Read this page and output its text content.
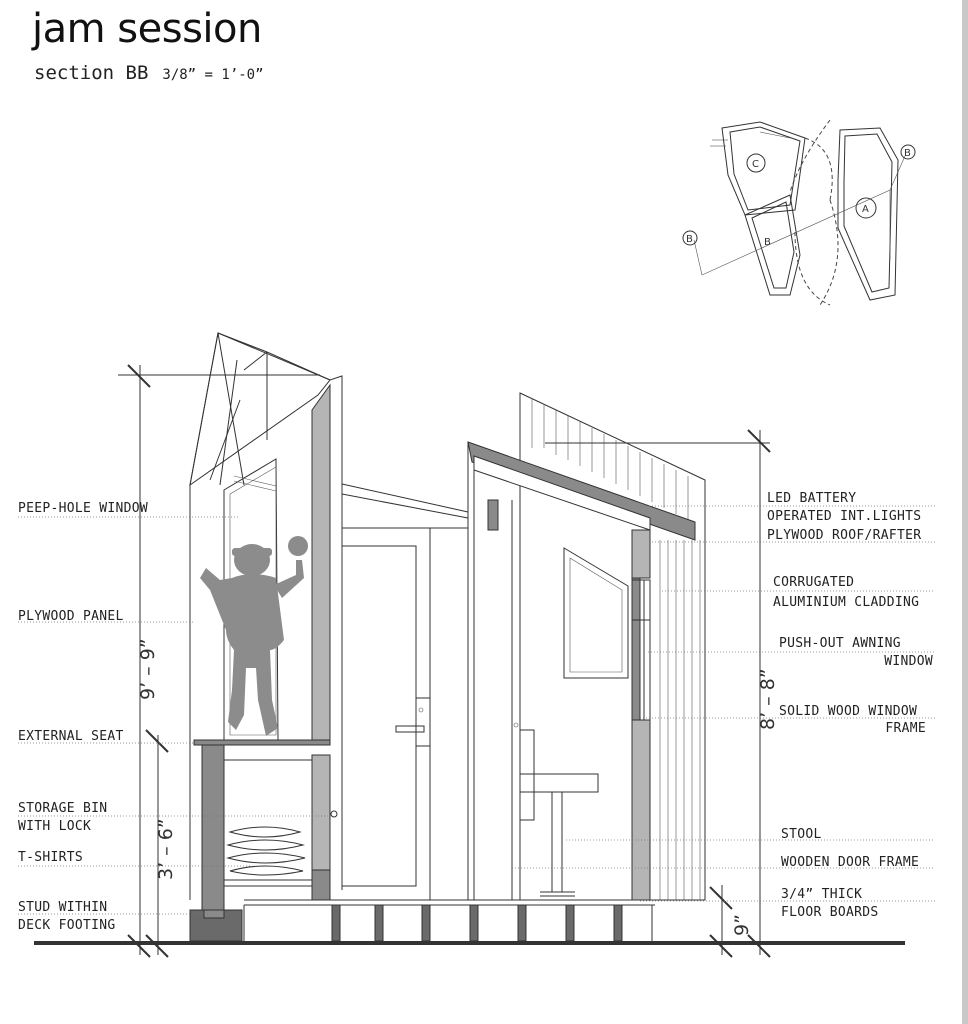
jam session
section BB 3/8” = 1’-0”
C
B
A
B
B
9’ – 9”
3’ – 6”
8’ – 8”
9”
PEEP-HOLE WINDOW
PLYWOOD PANEL
EXTERNAL SEAT
STORAGE BIN
WITH LOCK
T-SHIRTS
STUD WITHIN
DECK FOOTING
LED BATTERY
OPERATED INT.LIGHTS
PLYWOOD ROOF/RAFTER
CORRUGATED
ALUMINIUM CLADDING
PUSH-OUT AWNING
WINDOW
SOLID WOOD WINDOW
FRAME
STOOL
WOODEN DOOR FRAME
3/4” THICK
FLOOR BOARDS
